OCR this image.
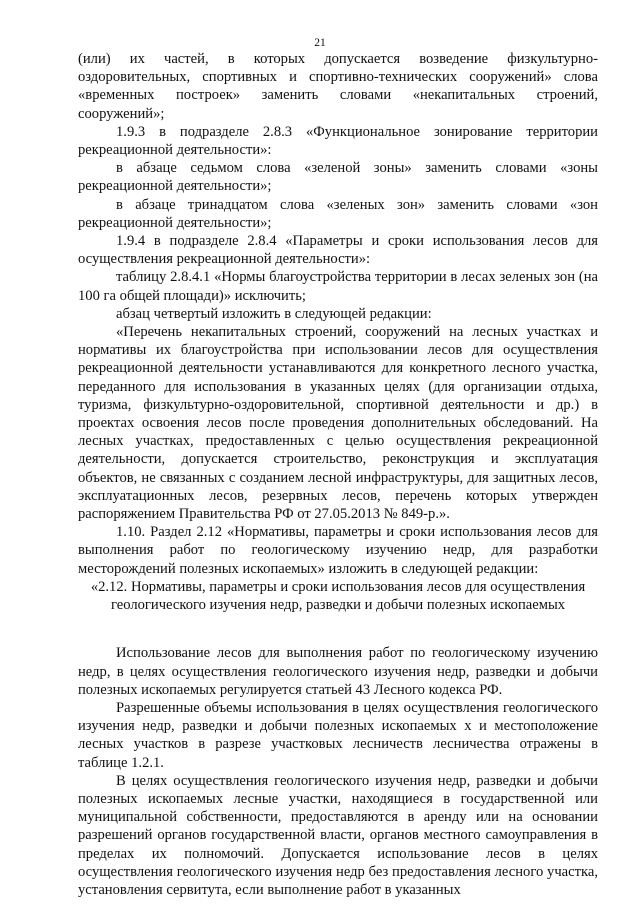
21

(или) их частей, в которых допускается возведение физкультурно-оздоровительных, спортивных и спортивно-технических сооружений» слова «временных построек» заменить словами «некапитальных строений, сооружений»;

1.9.3 в подразделе 2.8.3 «Функциональное зонирование территории рекреационной деятельности»:

в абзаце седьмом слова «зеленой зоны» заменить словами «зоны рекреационной деятельности»;

в абзаце тринадцатом слова «зеленых зон» заменить словами «зон рекреационной деятельности»;

1.9.4 в подразделе 2.8.4 «Параметры и сроки использования лесов для осуществления рекреационной деятельности»:

таблицу 2.8.4.1 «Нормы благоустройства территории в лесах зеленых зон (на 100 га общей площади)» исключить;

абзац четвертый изложить в следующей редакции:

«Перечень некапитальных строений, сооружений на лесных участках и нормативы их благоустройства при использовании лесов для осуществления рекреационной деятельности устанавливаются для конкретного лесного участка, переданного для использования в указанных целях (для организации отдыха, туризма, физкультурно-оздоровительной, спортивной деятельности и др.) в проектах освоения лесов после проведения дополнительных обследований. На лесных участках, предоставленных с целью осуществления рекреационной деятельности, допускается строительство, реконструкция и эксплуатация объектов, не связанных с созданием лесной инфраструктуры, для защитных лесов, эксплуатационных лесов, резервных лесов, перечень которых утвержден распоряжением Правительства РФ от 27.05.2013 № 849-р.».

1.10. Раздел 2.12 «Нормативы, параметры и сроки использования лесов для выполнения работ по геологическому изучению недр, для разработки месторождений полезных ископаемых» изложить в следующей редакции:

«2.12. Нормативы, параметры и сроки использования лесов для осуществления геологического изучения недр, разведки и добычи полезных ископаемых

Использование лесов для выполнения работ по геологическому изучению недр, в целях осуществления геологического изучения недр, разведки и добычи полезных ископаемых регулируется статьей 43 Лесного кодекса РФ.

Разрешенные объемы использования в целях осуществления геологического изучения недр, разведки и добычи полезных ископаемых х и местоположение лесных участков в разрезе участковых лесничеств лесничества отражены в таблице 1.2.1.

В целях осуществления геологического изучения недр, разведки и добычи полезных ископаемых лесные участки, находящиеся в государственной или муниципальной собственности, предоставляются в аренду или на основании разрешений органов государственной власти, органов местного самоуправления в пределах их полномочий. Допускается использование лесов в целях осуществления геологического изучения недр без предоставления лесного участка, установления сервитута, если выполнение работ в указанных
